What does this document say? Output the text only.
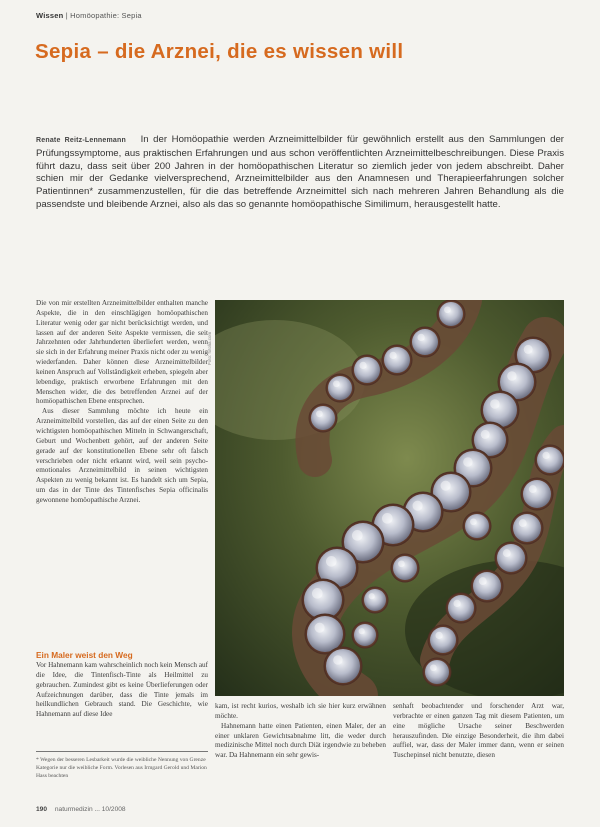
Wissen | Homöopathie: Sepia
Sepia – die Arznei, die es wissen will
Renate Reitz-Lennemann In der Homöopathie werden Arzneimittelbilder für gewöhnlich erstellt aus den Sammlungen der Prüfungssymptome, aus praktischen Erfahrungen und aus schon veröffentlichten Arzneimittelbeschreibungen. Diese Praxis führt dazu, dass seit über 200 Jahren in der homöopathischen Literatur so ziemlich jeder von jedem abschreibt. Daher schien mir der Gedanke vielversprechend, Arzneimittelbilder aus den Anamnesen und Therapieerfahrungen solcher Patientinnen* zusammenzustellen, für die das betreffende Arzneimittel sich nach mehreren Jahren Behandlung als die passendste und bleibende Arznei, also als das so genannte homöopathische Similimum, herausgestellt hatte.

Die von mir erstellten Arzneimittelbilder enthalten manche Aspekte, die in den einschlägigen homöopathischen Literatur wenig oder gar nicht berücksichtigt werden, und lassen auf der anderen Seite Aspekte vermissen, die seit Jahrzehnten oder Jahrhunderten überliefert werden, wenn sie sich in der Erfahrung meiner Praxis nicht oder zu wenig wiederfanden. Daher können diese Arzneimittelbilder keinen Anspruch auf Vollständigkeit erheben, spiegeln aber lebendige, praktisch erworbene Erfahrungen mit den Menschen wider, die des betreffenden Arznei auf der homöopathischen Ebene entsprechen.

Aus dieser Sammlung möchte ich heute ein Arzneimittelbild vorstellen, das auf der einen Seite zu den wichtigsten homöopathischen Mitteln in Schwangerschaft, Geburt und Wochenbett gehört, auf der anderen Seite gerade auf der konstitutionellen Ebene sehr oft falsch verschrieben oder nicht erkannt wird, weil sein psycho-emotionales Arzneimittelbild in seinen wichtigsten Aspekten zu wenig bekannt ist. Es handelt sich um Sepia, um das in der Tinte des Tintenfisches Sepia officinalis gewonnene homöopathische Arznei.

Ein Maler weist den Weg

Vor Hahnemann kam wahrscheinlich noch kein Mensch auf die Idee, die Tintenfisch-Tinte als Heilmittel zu gebrauchen. Zumindest gibt es keine Überlieferungen oder Aufzeichnungen darüber, dass die Tinte jemals im heilkundlichen Gebrauch stand. Die Geschichte, wie Hahnemann auf diese Idee

* Wegen der besseren Lesbarkeit wurde die weibliche Nennung von Grenze Kategorie nur die weibliche Form. Vorlesen aus Irmgard Gerold und Marion Hass beachten
Foto: fotolia.com

kam, ist recht kurios, weshalb ich sie hier kurz erwähnen möchte.

Hahnemann hatte einen Patienten, einen Maler, der an einer unklaren Gewichtsabnahme litt, die weder durch medizinische Mittel noch durch Diät irgendwie zu beheben war. Da Hahnemann ein sehr gewis-

senhaft beobachtender und forschender Arzt war, verbrachte er einen ganzen Tag mit diesem Patienten, um eine mögliche Ursache seiner Beschwerden herauszufinden. Die einzige Besonderheit, die ihm dabei auffiel, war, dass der Maler immer dann, wenn er seinen Tuschepinsel nicht benutzte, diesen

190 naturmedizin ... 10/2008
